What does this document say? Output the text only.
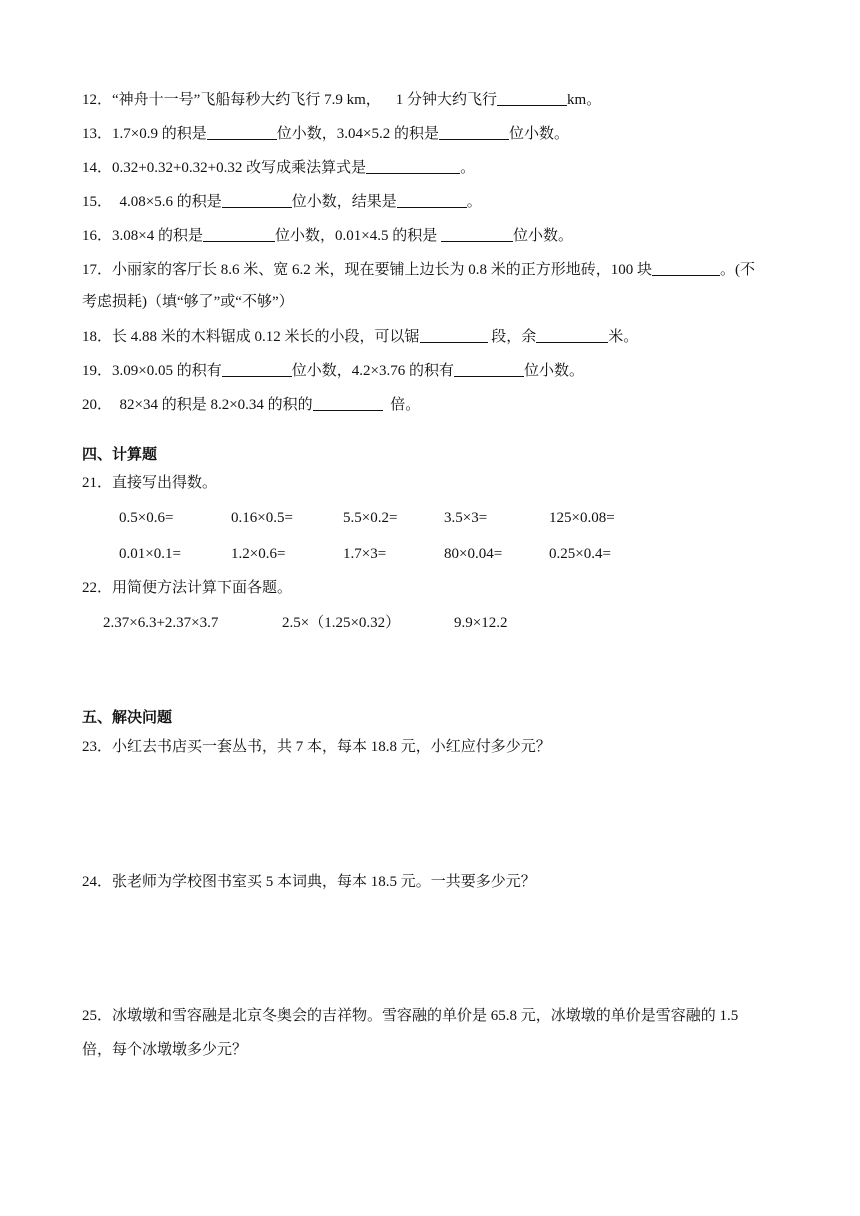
12．“神舟十一号”飞船每秒大约飞行 7.9 km， 1 分钟大约飞行	km。
13．1.7×0.9 的积是	位小数，3.04×5.2 的积是	位小数。
14．0.32+0.32+0.32+0.32 改写成乘法算式是	。
15． 4.08×5.6 的积是	位小数，结果是	。
16．3.08×4 的积是	位小数，0.01×4.5 的积是	位小数。
17．小丽家的客厅长 8.6 米、宽 6.2 米，现在要铺上边长为 0.8 米的正方形地砖，100 块	。(不
考虑损耗)（填“够了”或“不够”）
18．长 4.88 米的木料锯成 0.12 米长的小段，可以锯	段，余	米。
19．3.09×0.05 的积有	位小数，4.2×3.76 的积有	位小数。
20． 82×34 的积是 8.2×0.34 的积的	倍。
四、计算题
21．直接写出得数。
0.5×0.6=	0.16×0.5=	5.5×0.2=	3.5×3=	125×0.08=
0.01×0.1=	1.2×0.6=	1.7×3=	80×0.04=	0.25×0.4=
22．用简便方法计算下面各题。
2.37×6.3+2.37×3.7	2.5×（1.25×0.32）	9.9×12.2
五、解决问题
23．小红去书店买一套丛书，共 7 本，每本 18.8 元，小红应付多少元？
24．张老师为学校图书室买 5 本词典，每本 18.5 元。一共要多少元？
25．冰墩墩和雪容融是北京冬奥会的吉祥物。雪容融的单价是 65.8 元，冰墩墩的单价是雪容融的 1.5
倍，每个冰墩墩多少元？
